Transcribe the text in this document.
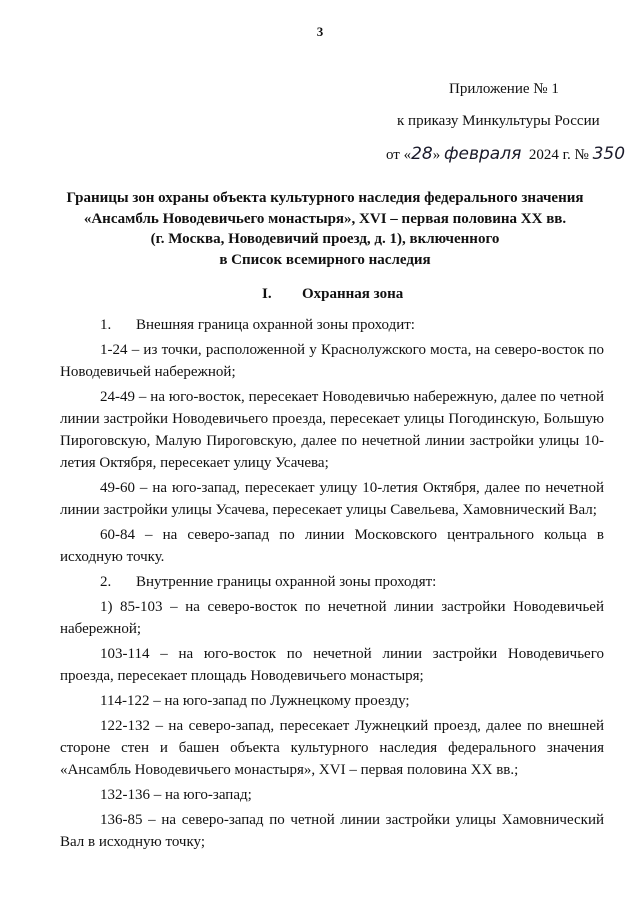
3
Приложение № 1
к приказу Минкультуры России
от «28» февраля 2024 г. № 350
Границы зон охраны объекта культурного наследия федерального значения
«Ансамбль Новодевичьего монастыря», XVI – первая половина XX вв.
(г. Москва, Новодевичий проезд, д. 1), включенного
в Список всемирного наследия
I. Охранная зона

1. Внешняя граница охранной зоны проходит:

1-24 – из точки, расположенной у Краснолужского моста, на северо-восток по Новодевичьей набережной;

24-49 – на юго-восток, пересекает Новодевичью набережную, далее по четной линии застройки Новодевичьего проезда, пересекает улицы Погодинскую, Большую Пироговскую, Малую Пироговскую, далее по нечетной линии застройки улицы 10-летия Октября, пересекает улицу Усачева;

49-60 – на юго-запад, пересекает улицу 10-летия Октября, далее по нечетной линии застройки улицы Усачева, пересекает улицы Савельева, Хамовнический Вал;

60-84 – на северо-запад по линии Московского центрального кольца в исходную точку.

2. Внутренние границы охранной зоны проходят:

1) 85-103 – на северо-восток по нечетной линии застройки Новодевичьей набережной;

103-114 – на юго-восток по нечетной линии застройки Новодевичьего проезда, пересекает площадь Новодевичьего монастыря;

114-122 – на юго-запад по Лужнецкому проезду;

122-132 – на северо-запад, пересекает Лужнецкий проезд, далее по внешней стороне стен и башен объекта культурного наследия федерального значения «Ансамбль Новодевичьего монастыря», XVI – первая половина XX вв.;

132-136 – на юго-запад;

136-85 – на северо-запад по четной линии застройки улицы Хамовнический Вал в исходную точку;
